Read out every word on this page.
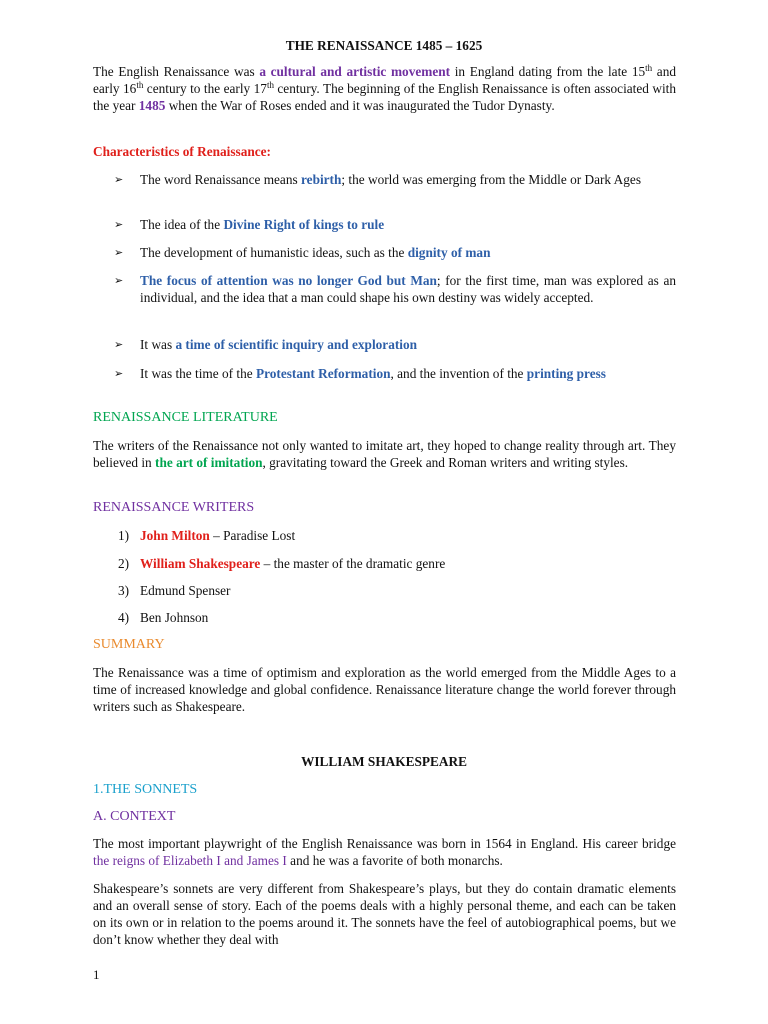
THE RENAISSANCE 1485 – 1625

The English Renaissance was a cultural and artistic movement in England dating from the late 15th and early 16th century to the early 17th century. The beginning of the English Renaissance is often associated with the year 1485 when the War of Roses ended and it was inaugurated the Tudor Dynasty.

Characteristics of Renaissance:
➢	The word Renaissance means rebirth; the world was emerging from the Middle or Dark Ages
➢	The idea of the Divine Right of kings to rule
➢	The development of humanistic ideas, such as the dignity of man
➢	The focus of attention was no longer God but Man; for the first time, man was explored as an individual, and the idea that a man could shape his own destiny was widely accepted.
➢	It was a time of scientific inquiry and exploration
➢	It was the time of the Protestant Reformation, and the invention of the printing press
RENAISSANCE LITERATURE

The writers of the Renaissance not only wanted to imitate art, they hoped to change reality through art. They believed in the art of imitation, gravitating toward the Greek and Roman writers and writing styles.

RENAISSANCE WRITERS
1) John Milton – Paradise Lost
2) William Shakespeare – the master of the dramatic genre
3) Edmund Spenser
4) Ben Johnson
SUMMARY

The Renaissance was a time of optimism and exploration as the world emerged from the Middle Ages to a time of increased knowledge and global confidence. Renaissance literature change the world forever through writers such as Shakespeare.

WILLIAM SHAKESPEARE
1.THE SONNETS
A. CONTEXT

The most important playwright of the English Renaissance was born in 1564 in England. His career bridge the reigns of Elizabeth I and James I and he was a favorite of both monarchs.

Shakespeare’s sonnets are very different from Shakespeare’s plays, but they do contain dramatic elements and an overall sense of story. Each of the poems deals with a highly personal theme, and each can be taken on its own or in relation to the poems around it. The sonnets have the feel of autobiographical poems, but we don’t know whether they deal with

1
